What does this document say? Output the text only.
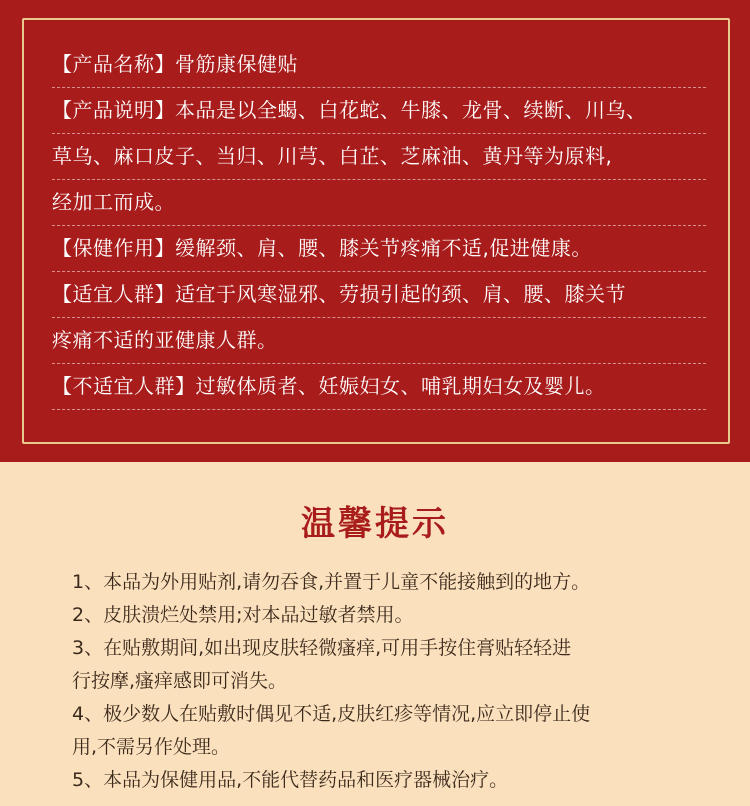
【产品名称】骨筋康保健贴
【产品说明】本品是以全蝎、白花蛇、牛膝、龙骨、续断、川乌、
草乌、麻口皮子、当归、川芎、白芷、芝麻油、黄丹等为原料,
经加工而成。
【保健作用】缓解颈、肩、腰、膝关节疼痛不适,促进健康。
【适宜人群】适宜于风寒湿邪、劳损引起的颈、肩、腰、膝关节
疼痛不适的亚健康人群。
【不适宜人群】过敏体质者、妊娠妇女、哺乳期妇女及婴儿。
温馨提示
1、本品为外用贴剂,请勿吞食,并置于儿童不能接触到的地方。
2、皮肤溃烂处禁用;对本品过敏者禁用。
3、在贴敷期间,如出现皮肤轻微瘙痒,可用手按住膏贴轻轻进
行按摩,瘙痒感即可消失。
4、极少数人在贴敷时偶见不适,皮肤红疹等情况,应立即停止使
用,不需另作处理。
5、本品为保健用品,不能代替药品和医疗器械治疗。
